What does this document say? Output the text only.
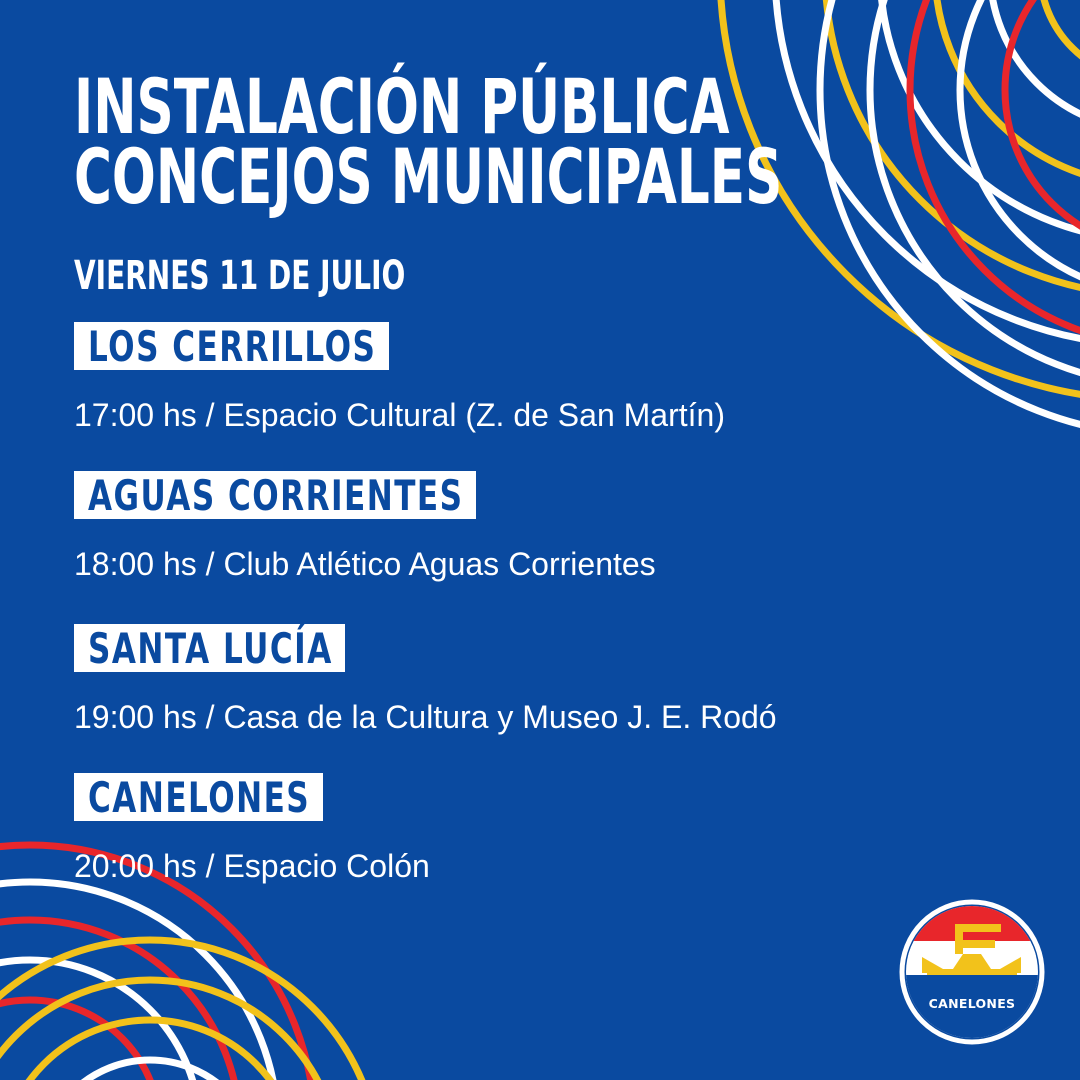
INSTALACIÓN PÚBLICA
CONCEJOS MUNICIPALES
VIERNES 11 DE JULIO
LOS CERRILLOS
17:00 hs / Espacio Cultural (Z. de San Martín)
AGUAS CORRIENTES
18:00 hs / Club Atlético Aguas Corrientes
SANTA LUCÍA
19:00 hs / Casa de la Cultura y Museo J. E. Rodó
CANELONES
20:00 hs / Espacio Colón
CANELONES
